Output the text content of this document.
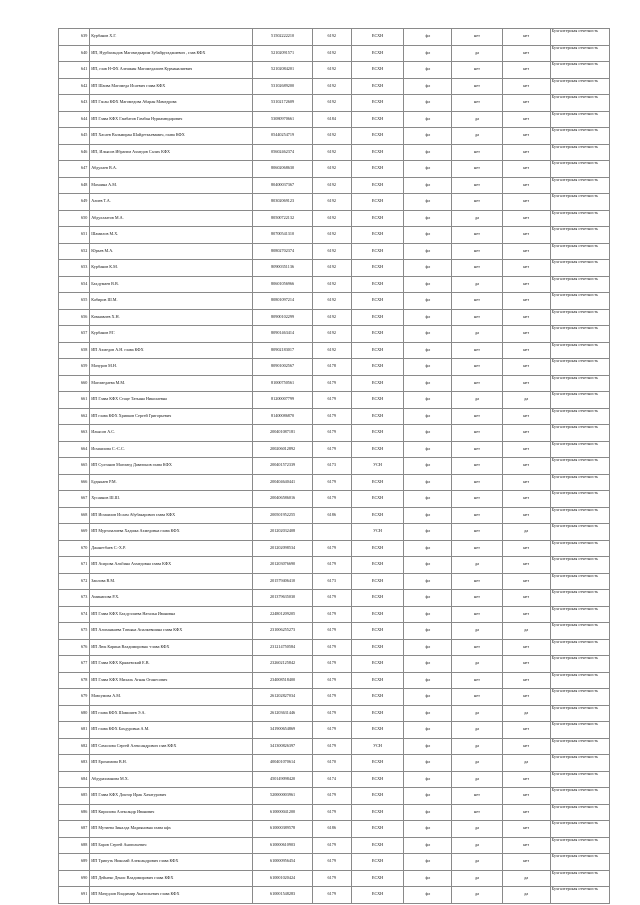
639	Курбанов Х.Г.	51502222210	6192	ЕСХН	фл	нет	нет	Бухгалтерская отчетность
640	ИП, Нурбагандов Магомедкарим Зубайругаджиевич , глав КФХ	52102091571	6192	ЕСХН	фл	да	нет	Бухгалтерская отчетность
641	ИП, глав Н-ФХ Алешкин Магомедалиев Курманалиевич	52102084201	6192	ЕСХН	фл	нет	нет	Бухгалтерская отчетность
642	ИП Шаова Магомеда Исаевич глава КФХ	53102689200	6192	ЕСХН	фл	нет	нет	Бухгалтерская отчетность
643	ИП Гасан КФХ Магомедова Абаран Мамедрова	53102172609	6192	ЕСХН	фл	нет	нет	Бухгалтерская отчетность
644	ИП Глава КФХ Гамбатов Гамбан Нуриамюдарович	53080970661	6184	ЕСХН	фл	да	нет	Бухгалтерская отчетность
645	ИП Хасаев Вальмиран Шайдеткьевамич, глава КФХ	05440254719	6192	ЕСХН	фл	да	нет	Бухгалтерская отчетность
646	ИП, Ильясов Ибрагим Ахмедов Салих КФХ	05602462374	6192	ЕСХН	фл	нет	нет	Бухгалтерская отчетность
647	Абдулаев В.А.	80602068630	6192	ЕСХН	фл	нет	нет	Бухгалтерская отчетность
648	Махаина А.М.	80400037367	6192	ЕСХН	фл	нет	нет	Бухгалтерская отчетность
649	Алиев Т.А.	80302069123	6192	ЕСХН	фл	нет	нет	Бухгалтерская отчетность
650	Абдуллаатов М.А.	80500722132	6192	ЕСХН	фл	да	нет	Бухгалтерская отчетность
651	Шамилов М.Х.	80700541310	6192	ЕСХН	фл	нет	нет	Бухгалтерская отчетность
652	Юрьев М.А.	80802702374	6192	ЕСХН	фл	нет	нет	Бухгалтерская отчетность
653	Курбанов К.М.	80900351136	6192	ЕСХН	фл	нет	нет	Бухгалтерская отчетность
654	Бахдумаев В.В.	80601056966	6192	ЕСХН	фл	да	нет	Бухгалтерская отчетность
655	Кабиров Ш.М.	80801097214	6192	ЕСХН	фл	нет	нет	Бухгалтерская отчетность
656	Комнавлев Х.Н.	80900102299	6192	ЕСХН	фл	нет	нет	Бухгалтерская отчетность
657	Курбанов Р.Г.	80901463414	6192	ЕСХН	фл	да	нет	Бухгалтерская отчетность
658	ИП Ахмедов А.Н. глава КФХ	80902183017	6192	ЕСХН	фл	нет	нет	Бухгалтерская отчетность
659	Мачуров М.Н.	80901002567	6178	ЕСХН	фл	нет	нет	Бухгалтерская отчетность
660	Магомедаева М.М.	81000750561	6179	ЕСХН	фл	нет	нет	Бухгалтерская отчетность
661	ИП Глава КФХ Стаце Татьяна Николаевна	81200007799	6179	ЕСХН	фл	да	да	Бухгалтерская отчетность
662	ИП глава КФХ Хрипков Сергей Григорьевич	81400086870	6179	ЕСХН	фл	нет	нет	Бухгалтерская отчетность
663	Ильясов А.С.	200401087181	6179	ЕСХН	фл	нет	нет	Бухгалтерская отчетность
664	Исмаилова С.-С.С.	200206012892	6179	ЕСХН	фл	нет	нет	Бухгалтерская отчетность
665	ИП Султанов Магомед Даватонов глава КФХ	200401572339	6173	УСН	фл	нет	нет	Бухгалтерская отчетность
666	Будыкаев Р.М.	200404640441	6179	ЕСХН	фл	нет	нет	Бухгалтерская отчетность
667	Хусаинов Ш.Ш.	200406586016	6179	ЕСХН	фл	нет	нет	Бухгалтерская отчетность
668	ИП Исмаилов Ислам Абубакарович глава КФХ	200501952255	6186	ЕСХН	фл	нет	нет	Бухгалтерская отчетность
669	ИП Муртазалиева Хадижа Ахмедовна глава КФХ	201202032408		УСН	фл	нет	да	Бухгалтерская отчетность
670	Джанетбаев С.-Х.Р.	201202098534	6179	ЕСХН	фл	нет	нет	Бухгалтерская отчетность
671	ИП Асирова Альбина Ахмедовна глава КФХ	201203076690	6179	ЕСХН	фл	да	нет	Бухгалтерская отчетность
672	Заилова В.М.	201579406410	6173	ЕСХН	фл	нет	нет	Бухгалтерская отчетность
673	Аминапова Р.Х.	201379635030	6179	ЕСХН	фл	нет	нет	Бухгалтерская отчетность
674	ИП Глава КФХ Бахдуллаева Наталья Ивановна	224801209205	6179	ЕСХН	фл	нет	нет	Бухгалтерская отчетность
675	ИП Алиханкаева Татьяна Апалкевшина глава КФХ	231006255273	6179	ЕСХН	фл	да	да	Бухгалтерская отчетность
676	ИП Люк Карина Владимировна -глава КФХ	231214750584	6179	ЕСХН	фл	нет	нет	Бухгалтерская отчетность
677	ИП Глава КФХ Кряжевский Е.В.	232602125842	6179	ЕСХН	фл	да	нет	Бухгалтерская отчетность
678	ИП Глава КФХ Михаль Агнан Оганесович	234008518400	6179	ЕСХН	фл	нет	нет	Бухгалтерская отчетность
679	Мавсумова А.М.	261202827034	6179	ЕСХН	фл	нет	нет	Бухгалтерская отчетность
680	ИП глава КФХ Шамшиев Э.А.	261203631446	6179	ЕСХН	фл	да	да	Бухгалтерская отчетность
681	ИП глава КФХ Бахдуровна А.М.	341900654869	6179	ЕСХН	фл	да	нет	Бухгалтерская отчетность
682	ИП Самолова Сергей Александрович глав КФХ	341300826397	6179	УСН	фл	да	нет	Бухгалтерская отчетность
683	ИП Ерохимова В.Н.	400401070614	6170	ЕСХН	фл	да	да	Бухгалтерская отчетность
684	Абдурахманова М.Х.	450149098420	6174	ЕСХН	фл	да	нет	Бухгалтерская отчетность
685	ИП Глава КФХ Доктор Ирак Хачатурович	520000003961	6179	ЕСХН	фл	нет	нет	Бухгалтерская отчетность
686	ИП Кирилова Александр Иванович	610000041200	6179	ЕСХН	фл	нет	нет	Бухгалтерская отчетность
687	ИП Мутиева Зиналда Мадияновна глава кфх	610000389578	6186	ЕСХН	фл	да	нет	Бухгалтерская отчетность
688	ИП Баров Сергей Анатольевич	610000610903	6179	ЕСХН	фл	да	нет	Бухгалтерская отчетность
689	ИП Трипуть Николай Александрович глава КФХ	610000956454	6179	ЕСХН	фл	да	нет	Бухгалтерская отчетность
690	ИП Дейнеко Денис Владимирович глава КФХ	610001020424	6179	ЕСХН	фл	да	да	Бухгалтерская отчетность
691	ИП Мачудлов Владимир Анатольевич глава КФХ	610001548283	6179	ЕСХН	фл	да	да	Бухгалтерская отчетность
